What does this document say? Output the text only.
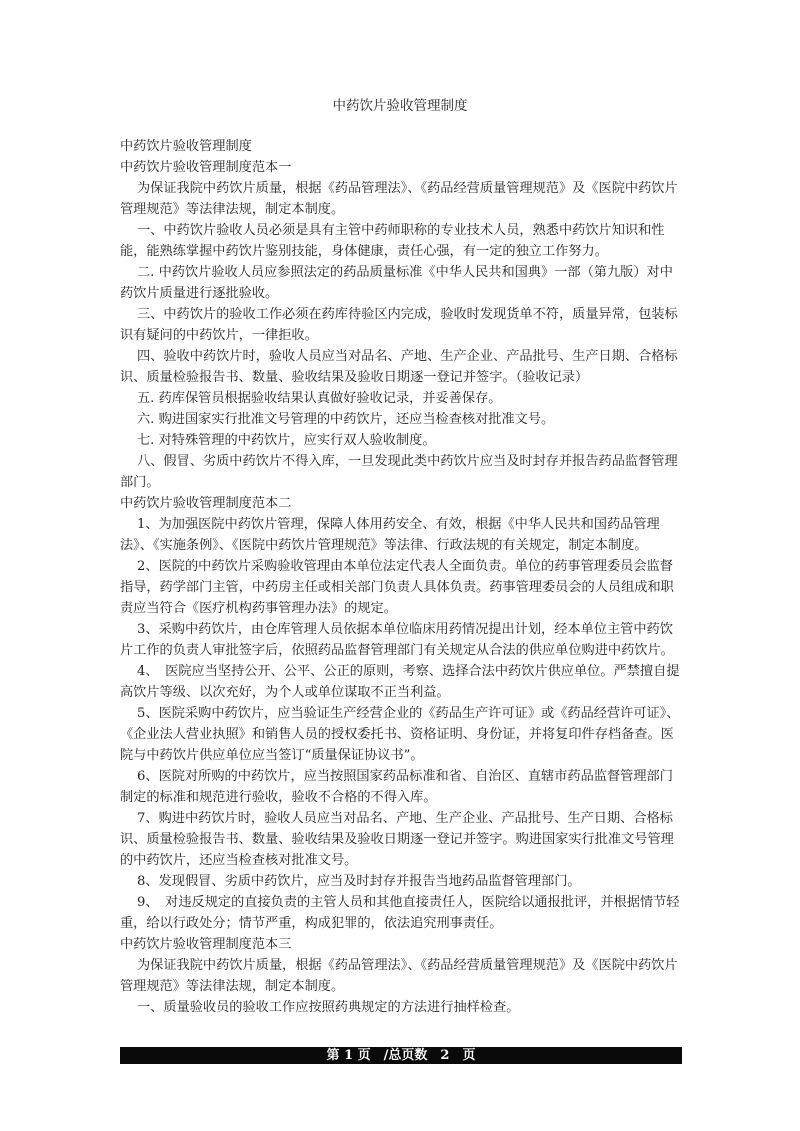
中药饮片验收管理制度

中药饮片验收管理制度

中药饮片验收管理制度范本一

为保证我院中药饮片质量，根据《药品管理法》、《药品经营质量管理规范》及《医院中药饮片管理规范》等法律法规，制定本制度。

一、中药饮片验收人员必须是具有主管中药师职称的专业技术人员，熟悉中药饮片知识和性能，能熟练掌握中药饮片鉴别技能，身体健康，责任心强，有一定的独立工作努力。

二. 中药饮片验收人员应参照法定的药品质量标准《中华人民共和国典》一部（第九版）对中药饮片质量进行逐批验收。

三、中药饮片的验收工作必须在药库待验区内完成，验收时发现货单不符，质量异常，包装标识有疑问的中药饮片，一律拒收。

四、验收中药饮片时，验收人员应当对品名、产地、生产企业、产品批号、生产日期、合格标识、质量检验报告书、数量、验收结果及验收日期逐一登记并签字。（验收记录）

五. 药库保管员根据验收结果认真做好验收记录，并妥善保存。

六. 购进国家实行批准文号管理的中药饮片，还应当检查核对批准文号。

七. 对特殊管理的中药饮片，应实行双人验收制度。

八、假冒、劣质中药饮片不得入库，一旦发现此类中药饮片应当及时封存并报告药品监督管理部门。

中药饮片验收管理制度范本二

1、为加强医院中药饮片管理，保障人体用药安全、有效，根据《中华人民共和国药品管理法》、《实施条例》、《医院中药饮片管理规范》等法律、行政法规的有关规定，制定本制度。

2、医院的中药饮片采购验收管理由本单位法定代表人全面负责。单位的药事管理委员会监督指导，药学部门主管，中药房主任或相关部门负责人具体负责。药事管理委员会的人员组成和职责应当符合《医疗机构药事管理办法》的规定。

3、采购中药饮片，由仓库管理人员依据本单位临床用药情况提出计划，经本单位主管中药饮片工作的负责人审批签字后，依照药品监督管理部门有关规定从合法的供应单位购进中药饮片。

4、　医院应当坚持公开、公平、公正的原则，考察、选择合法中药饮片供应单位。严禁擅自提高饮片等级、以次充好，为个人或单位谋取不正当利益。

5、医院采购中药饮片，应当验证生产经营企业的《药品生产许可证》或《药品经营许可证》、《企业法人营业执照》和销售人员的授权委托书、资格证明、身份证，并将复印件存档备查。医院与中药饮片供应单位应当签订“质量保证协议书”。

6、医院对所购的中药饮片，应当按照国家药品标准和省、自治区、直辖市药品监督管理部门制定的标准和规范进行验收，验收不合格的不得入库。

7、购进中药饮片时，验收人员应当对品名、产地、生产企业、产品批号、生产日期、合格标识、质量检验报告书、数量、验收结果及验收日期逐一登记并签字。购进国家实行批准文号管理的中药饮片，还应当检查核对批准文号。

8、发现假冒、劣质中药饮片，应当及时封存并报告当地药品监督管理部门。

9、　对违反规定的直接负责的主管人员和其他直接责任人，医院给以通报批评，并根据情节轻重，给以行政处分；情节严重，构成犯罪的，依法追究刑事责任。

中药饮片验收管理制度范本三

为保证我院中药饮片质量，根据《药品管理法》、《药品经营质量管理规范》及《医院中药饮片管理规范》等法律法规，制定本制度。

一、质量验收员的验收工作应按照药典规定的方法进行抽样检查。

第 1 页　/总页数　2　页
